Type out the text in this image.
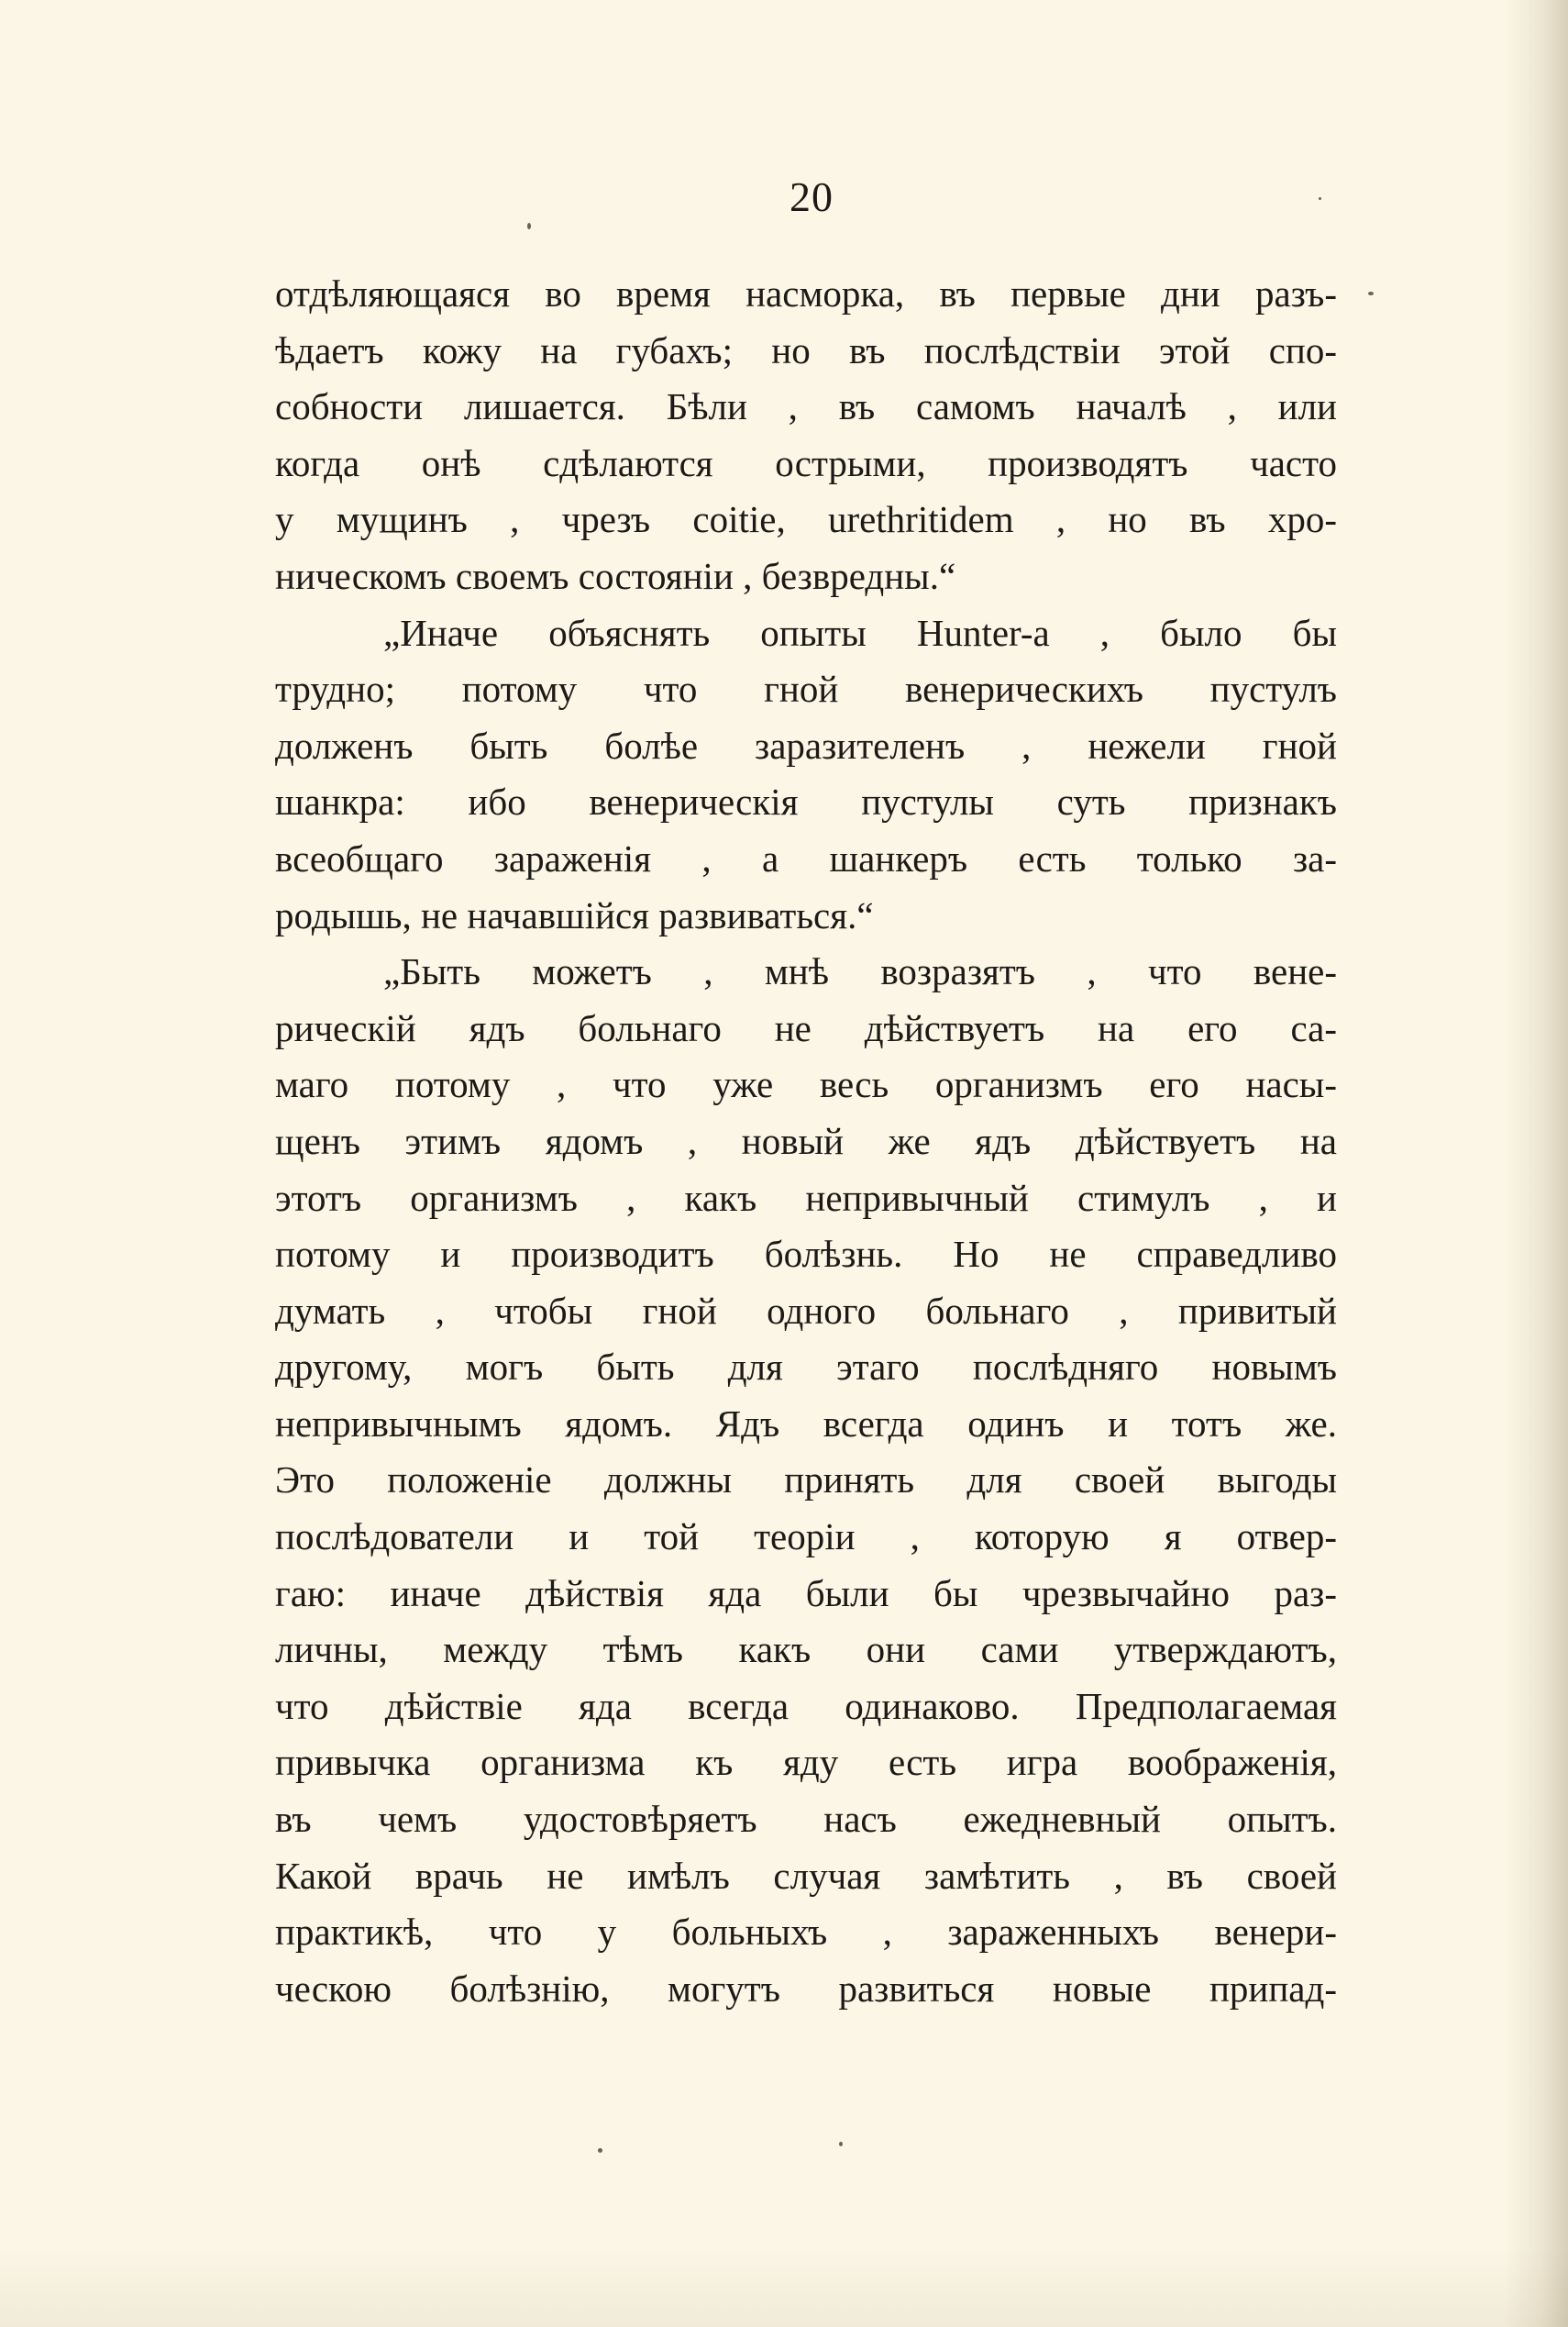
20
отдѣляющаяся во время насморка, въ первые дни разъ-
ѣдаетъ кожу на губахъ; но въ послѣдствіи этой спо-
собности лишается. Бѣли , въ самомъ началѣ , или
когда онѣ сдѣлаются острыми, производятъ часто
у мущинъ , чрезъ coitie, urethritidem , но въ хро-
ническомъ своемъ состояніи , безвредны.“
„Иначе объяснять опыты Hunter-а , было бы
трудно; потому что гной венерическихъ пустулъ
долженъ быть болѣе заразителенъ , нежели гной
шанкра: ибо венерическія пустулы суть признакъ
всеобщаго зараженія , а шанкеръ есть только за-
родышь, не начавшійся развиваться.“
„Быть можетъ , мнѣ возразятъ , что вене-
рическій ядъ больнаго не дѣйствуетъ на его са-
маго потому , что уже весь организмъ его насы-
щенъ этимъ ядомъ , новый же ядъ дѣйствуетъ на
этотъ организмъ , какъ непривычный стимулъ , и
потому и производитъ болѣзнь. Но не справедливо
думать , чтобы гной одного больнаго , привитый
другому, могъ быть для этаго послѣдняго новымъ
непривычнымъ ядомъ. Ядъ всегда одинъ и тотъ же.
Это положеніе должны принять для своей выгоды
послѣдователи и той теоріи , которую я отвер-
гаю: иначе дѣйствія яда были бы чрезвычайно раз-
личны, между тѣмъ какъ они сами утверждаютъ,
что дѣйствіе яда всегда одинаково. Предполагаемая
привычка организма къ яду есть игра воображенія,
въ чемъ удостовѣряетъ насъ ежедневный опытъ.
Какой врачь не имѣлъ случая замѣтить , въ своей
практикѣ, что у больныхъ , зараженныхъ венери-
ческою болѣзнію, могутъ развиться новые припад-
